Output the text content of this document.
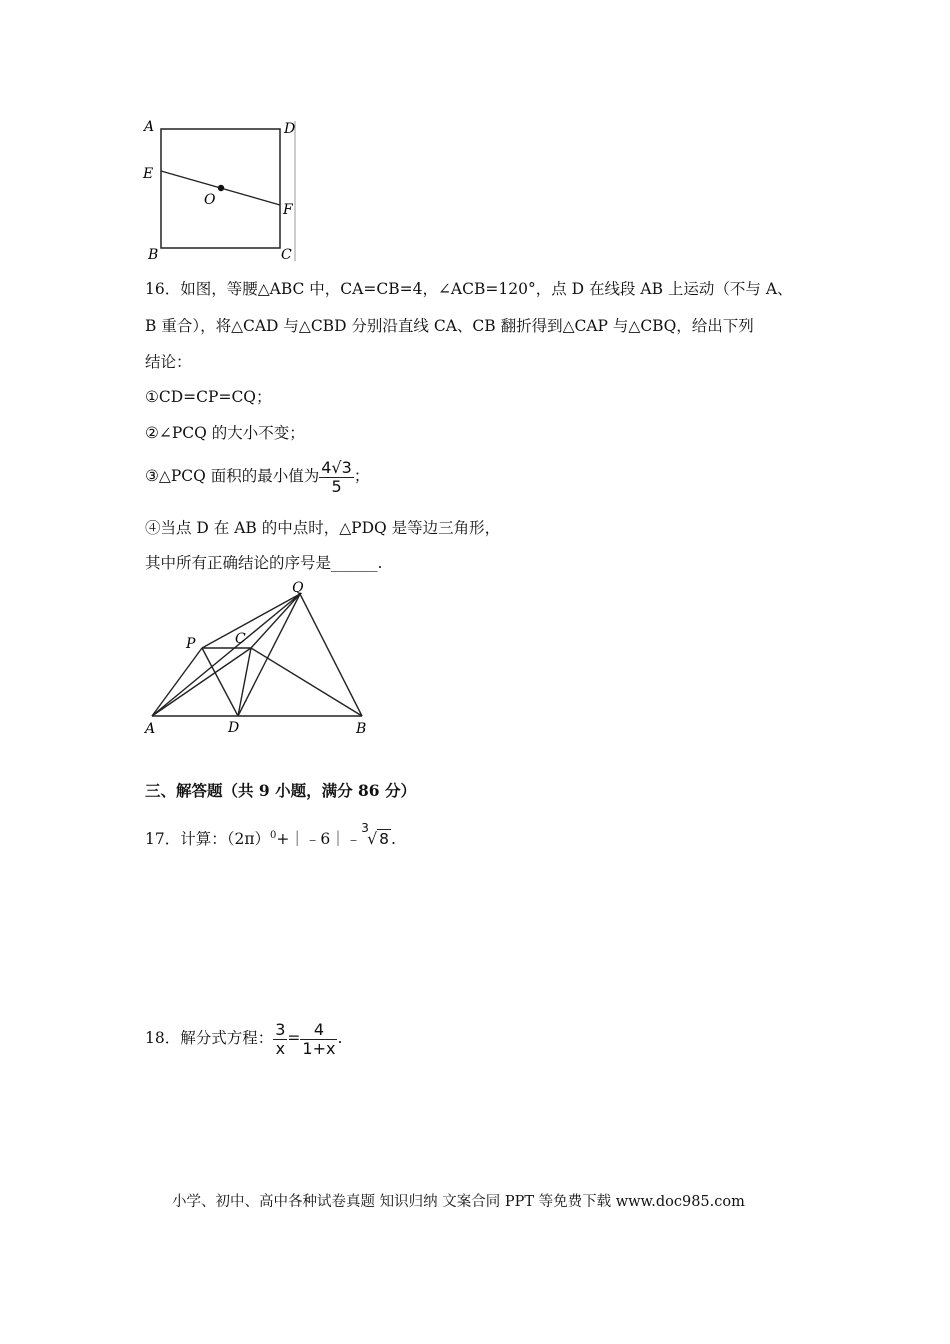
A	D
E
O
F
B	C
16．如图，等腰△ABC 中，CA=CB=4，∠ACB=120°，点 D 在线段 AB 上运动（不与 A、
B 重合），将△CAD 与△CBD 分别沿直线 CA、CB 翻折得到△CAP 与△CBQ，给出下列
结论：
①CD=CP=CQ；
②∠PCQ 的大小不变；
③△PCQ 面积的最小值为 $\frac{4√3}{5}$ ；
④当点 D 在 AB 的中点时，△PDQ 是等边三角形，
其中所有正确结论的序号是______.
Q
P	C
A	D	B
三、解答题（共 9 小题，满分 86 分）
17．计算：$(2\pi)^0+|﹣6|﹣$
3
√ 8 .
18．解分式方程： $\frac{3}{x} = \frac{4}{1+x}$ .
小学、初中、高中各种试卷真题 知识归纳 文案合同 PPT 等免费下载 www.doc985.com
